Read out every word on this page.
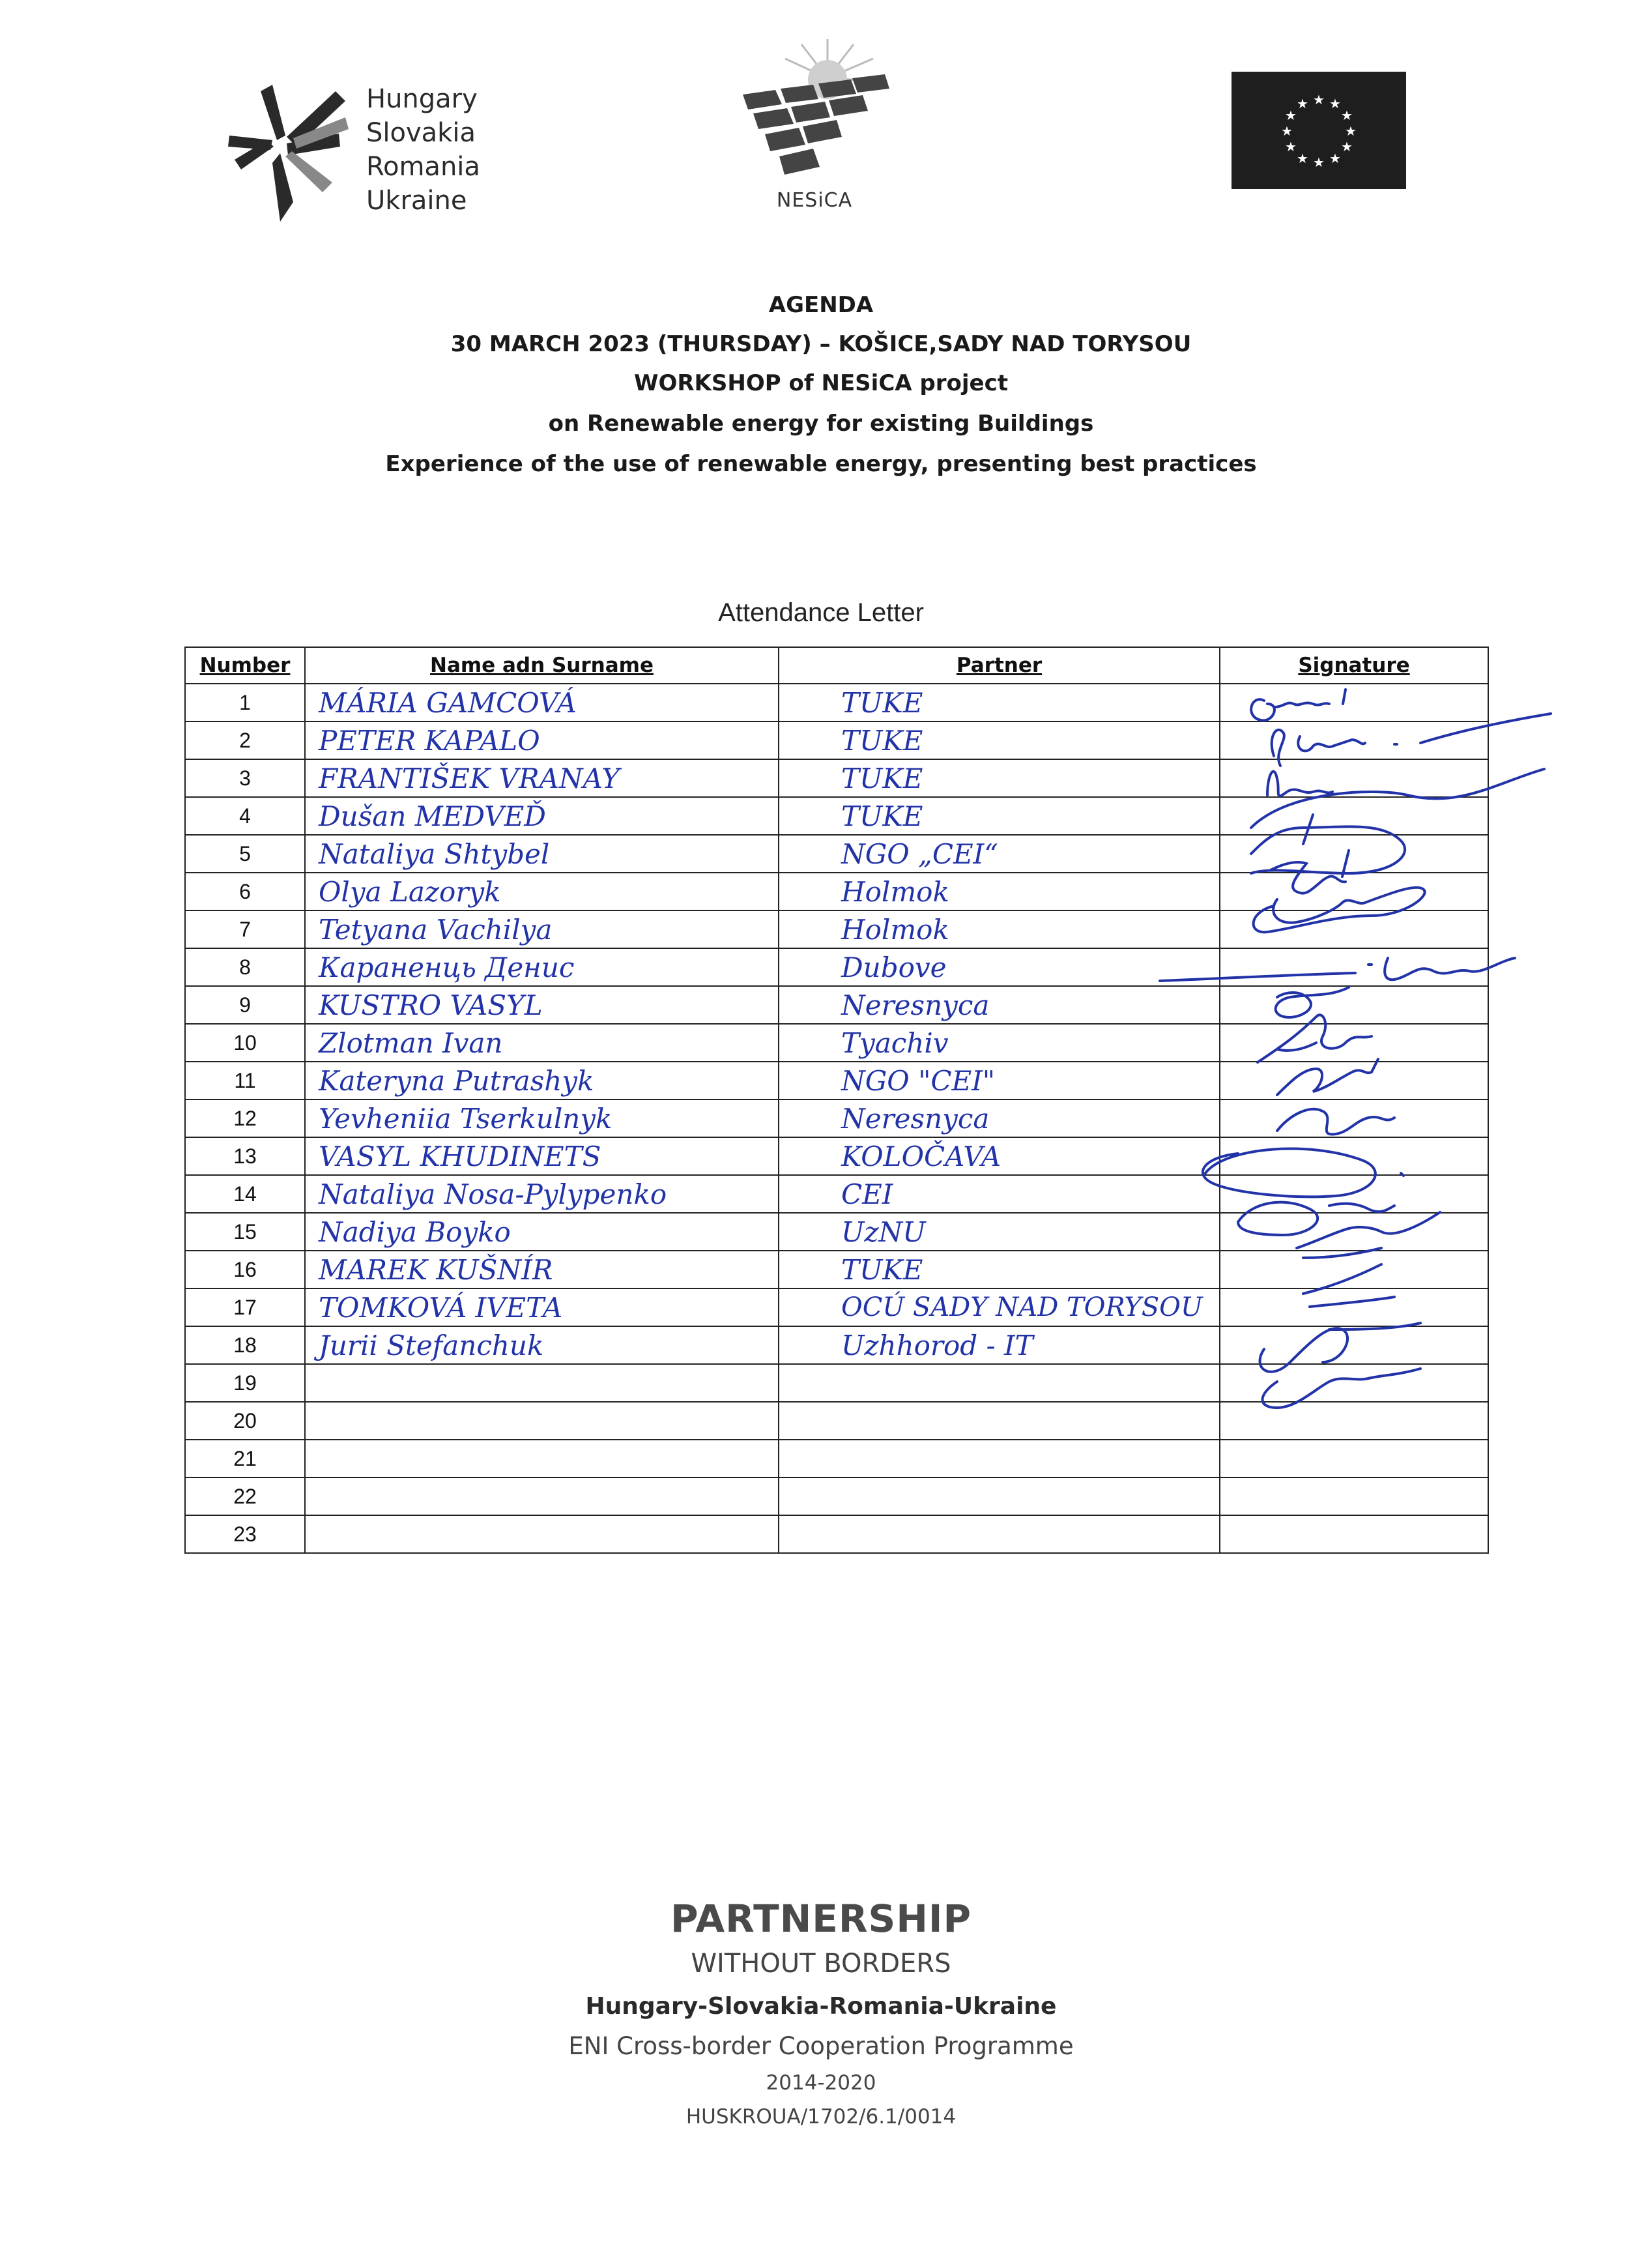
Hungary
Slovakia
Romania
Ukraine	NESiCA
★ ★
★
★
★
★
★
★
★
★
★
★
AGENDA
30 MARCH 2023 (THURSDAY) – KOŠICE,SADY NAD TORYSOU
WORKSHOP of NESiCA project
on Renewable energy for existing Buildings
Experience of the use of renewable energy, presenting best practices
Attendance Letter
Number	Name adn Surname	Partner	Signature
1	MÁRIA GAMCOVÁ	TUKE	
2	PETER KAPALO	TUKE	
3	FRANTIŠEK VRANAY	TUKE	
4	Dušan MEDVEĎ	TUKE	
5	Nataliya Shtybel	NGO „CEI“	
6	Olya Lazoryk	Holmok	
7	Tetyana Vachilya	Holmok	
8	Караненць Денис	Dubove	
9	KUSTRO VASYL	Neresnyca	
10	Zlotman Ivan	Tyachiv	
11	Kateryna Putrashyk	NGO "CEI"	
12	Yevheniia Tserkulnyk	Neresnyca	
13	VASYL KHUDINETS	KOLOČAVA	
14	Nataliya Nosa-Pylypenko	CEI	
15	Nadiya Boyko	UzNU	
16	MAREK KUŠNÍR	TUKE	
17	TOMKOVÁ IVETA	OCÚ SADY NAD TORYSOU	
18	Jurii Stefanchuk	Uzhhorod - IT	
19			
20			
21			
22			
23			
PARTNERSHIP
WITHOUT BORDERS
Hungary-Slovakia-Romania-Ukraine
ENI Cross-border Cooperation Programme
2014-2020
HUSKROUA/1702/6.1/0014
